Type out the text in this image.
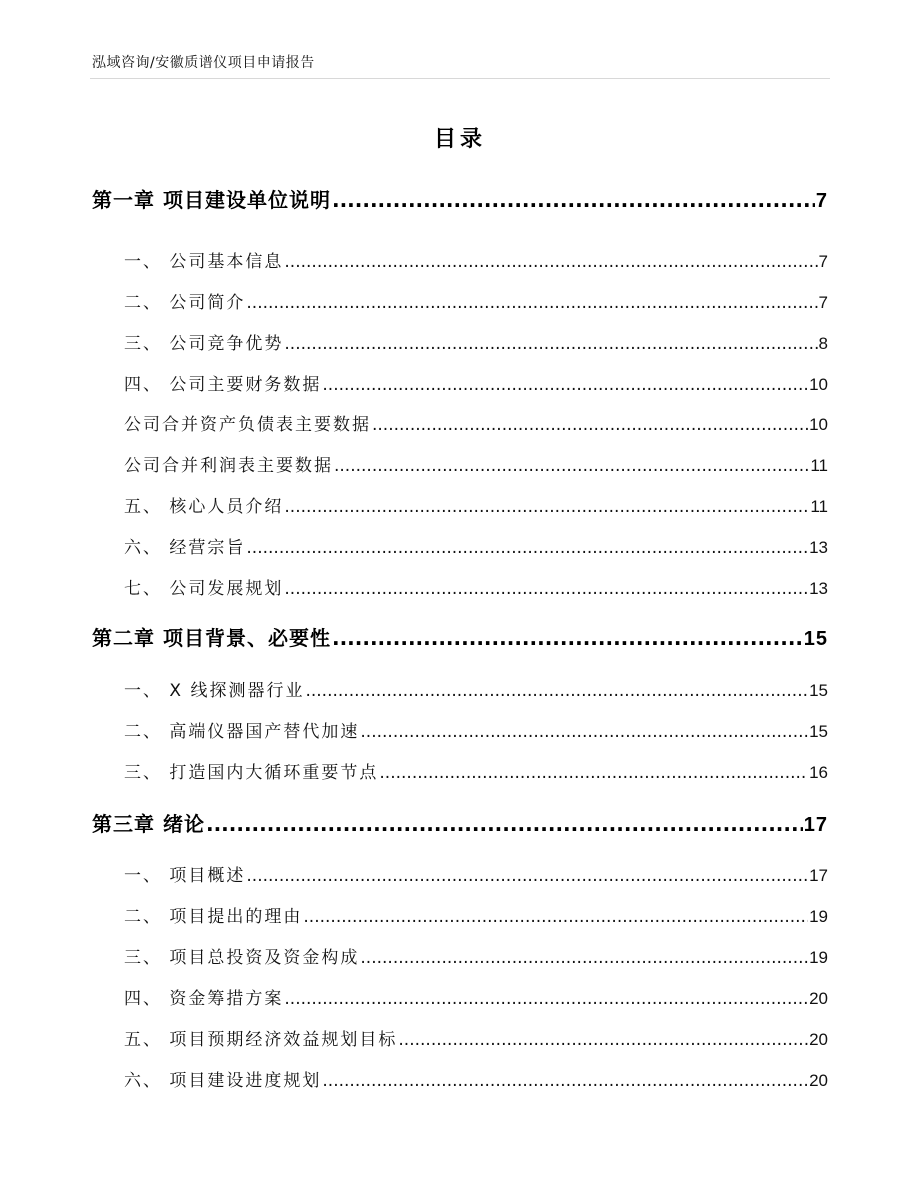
泓域咨询/安徽质谱仪项目申请报告
目录
第一章 项目建设单位说明 .....	7
一、 公司基本信息 .....	7
二、 公司简介 .....	7
三、 公司竞争优势 .....	8
四、 公司主要财务数据 .....	10
公司合并资产负债表主要数据 .....	10
公司合并利润表主要数据 .....	11
五、 核心人员介绍 .....	11
六、 经营宗旨 .....	13
七、 公司发展规划 .....	13
第二章 项目背景、必要性 .....	15
一、 X 线探测器行业 .....	15
二、 高端仪器国产替代加速 .....	15
三、 打造国内大循环重要节点 .....	16
第三章 绪论 .....	17
一、 项目概述 .....	17
二、 项目提出的理由 .....	19
三、 项目总投资及资金构成 .....	19
四、 资金筹措方案 .....	20
五、 项目预期经济效益规划目标 .....	20
六、 项目建设进度规划 .....	20
